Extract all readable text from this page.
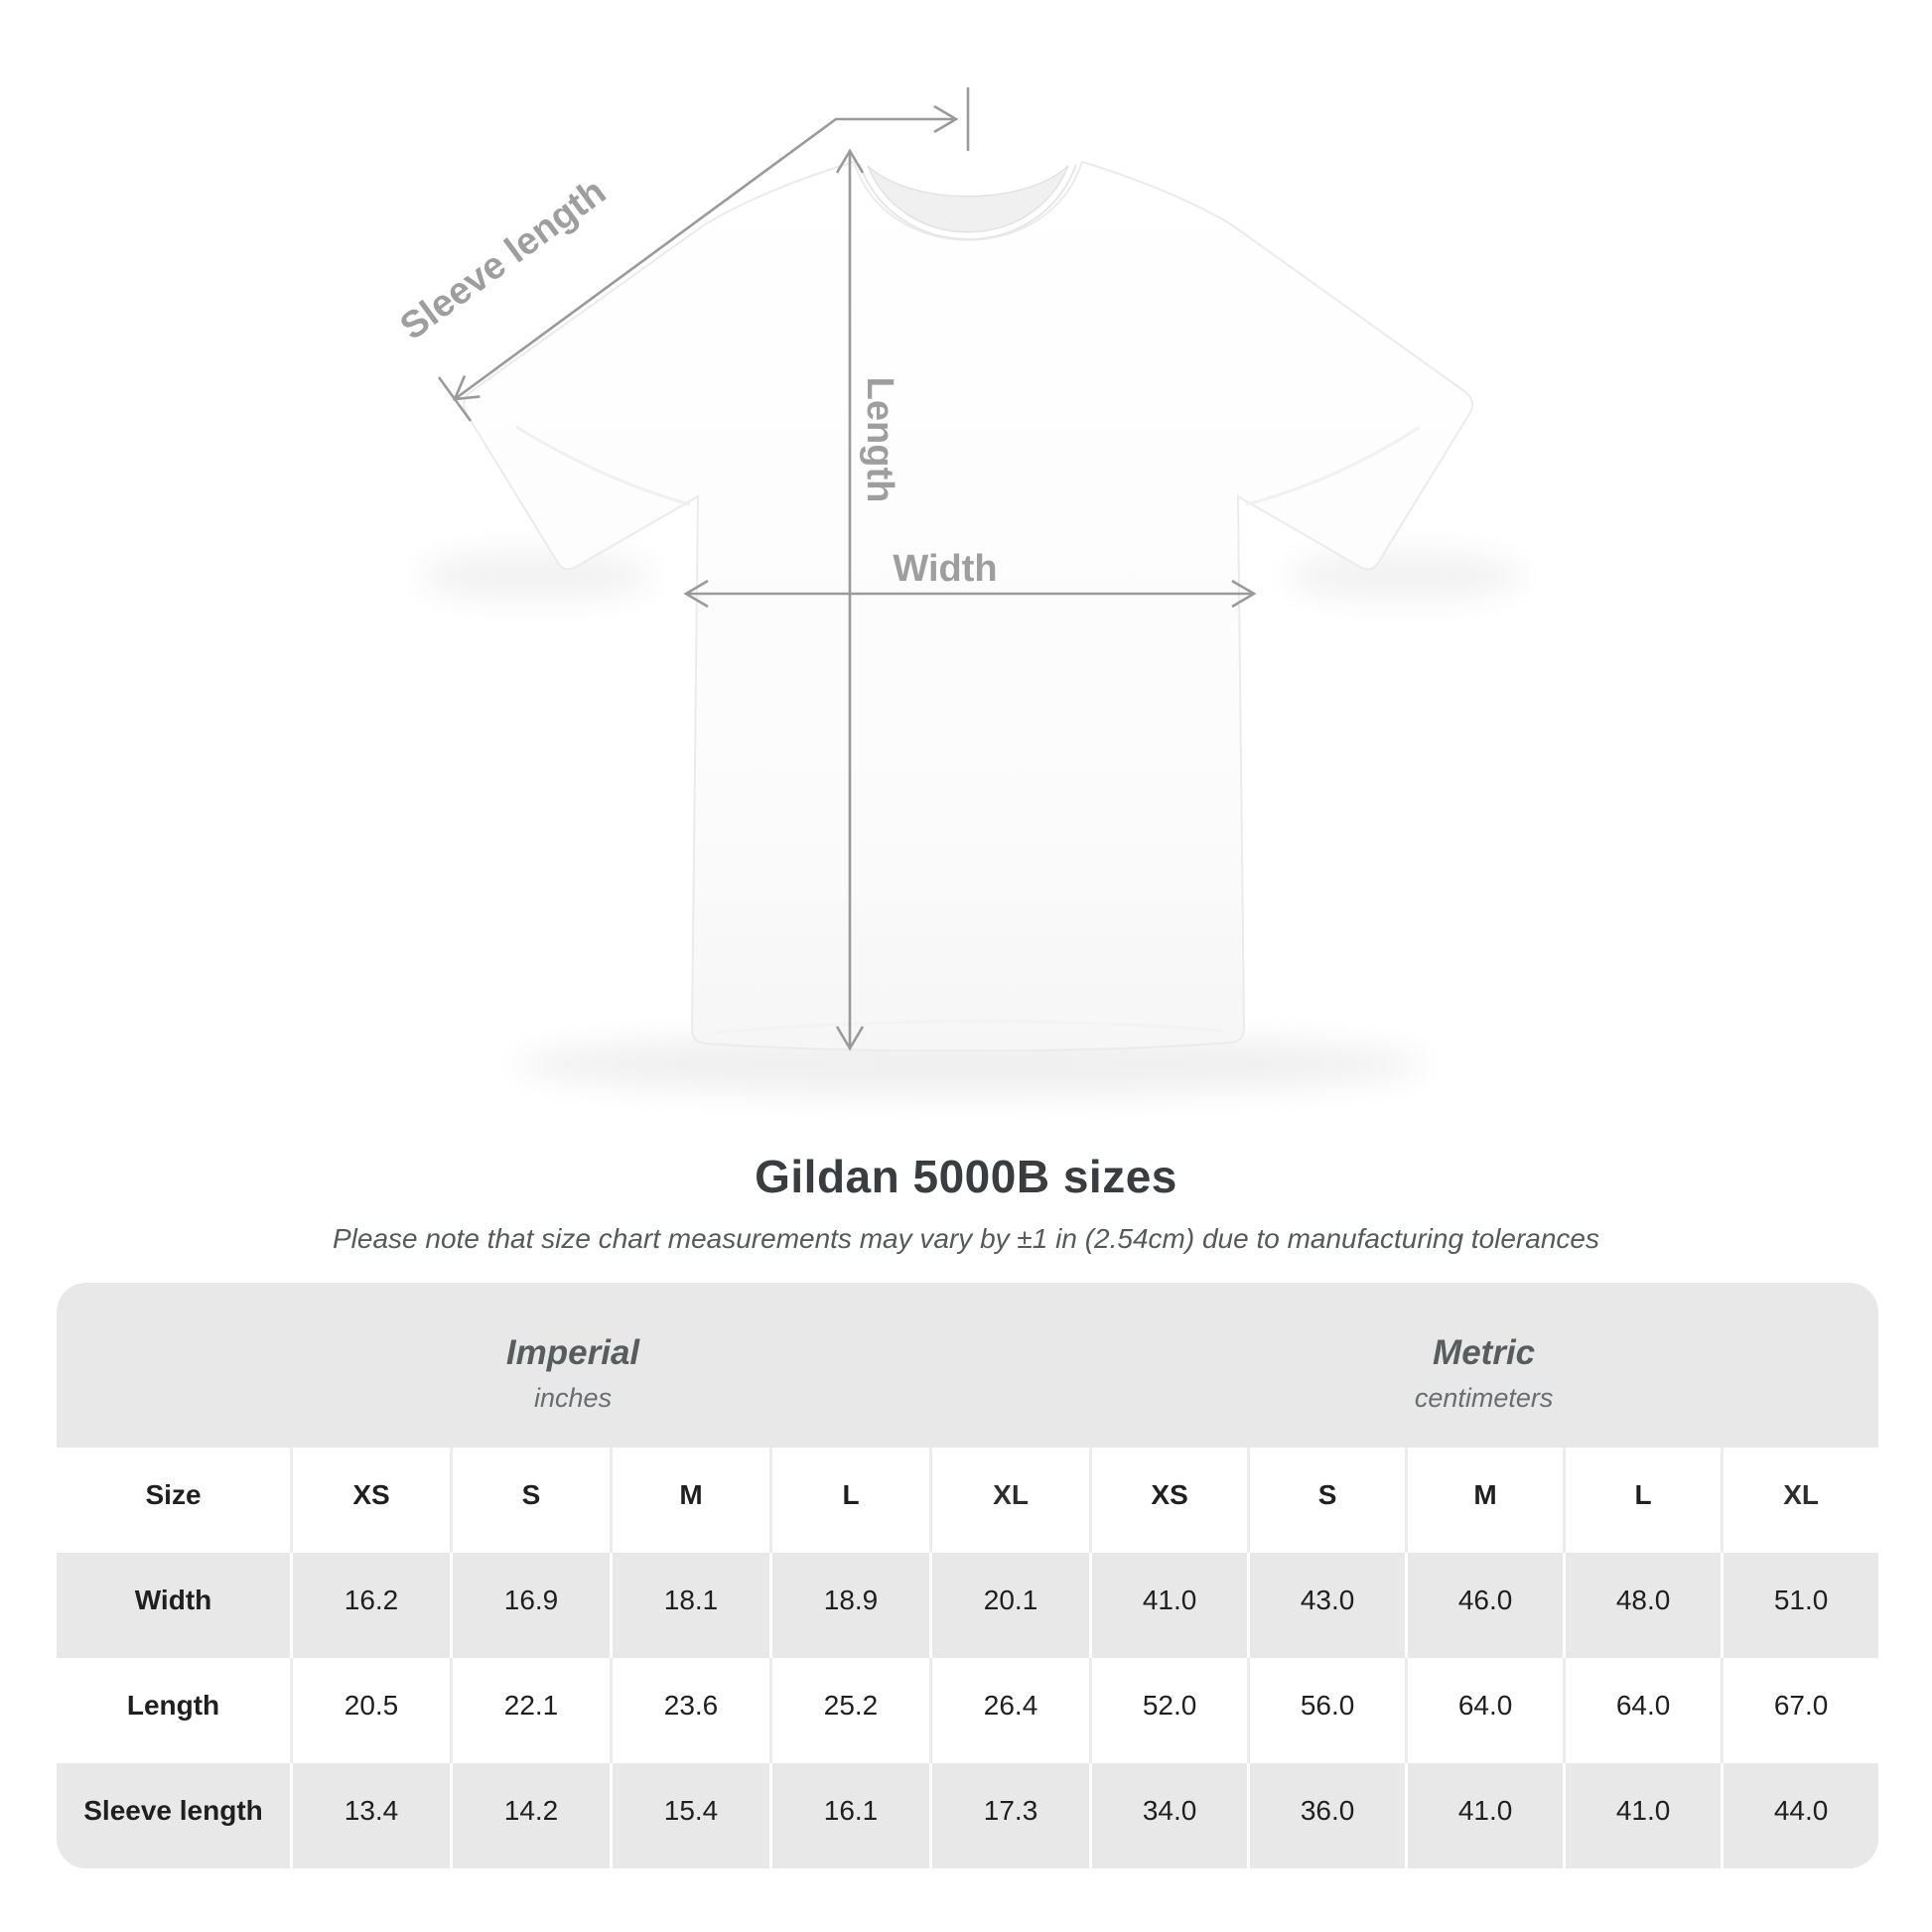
Sleeve length
Length
Width
Gildan 5000B sizes
Please note that size chart measurements may vary by ±1 in (2.54cm) due to manufacturing tolerances
Imperial
inches

Metric
centimeters

Size	XS	S	M	L	XL	XS	S	M	L	XL
Width	16.2	16.9	18.1	18.9	20.1	41.0	43.0	46.0	48.0	51.0
Length	20.5	22.1	23.6	25.2	26.4	52.0	56.0	64.0	64.0	67.0
Sleeve length	13.4	14.2	15.4	16.1	17.3	34.0	36.0	41.0	41.0	44.0
